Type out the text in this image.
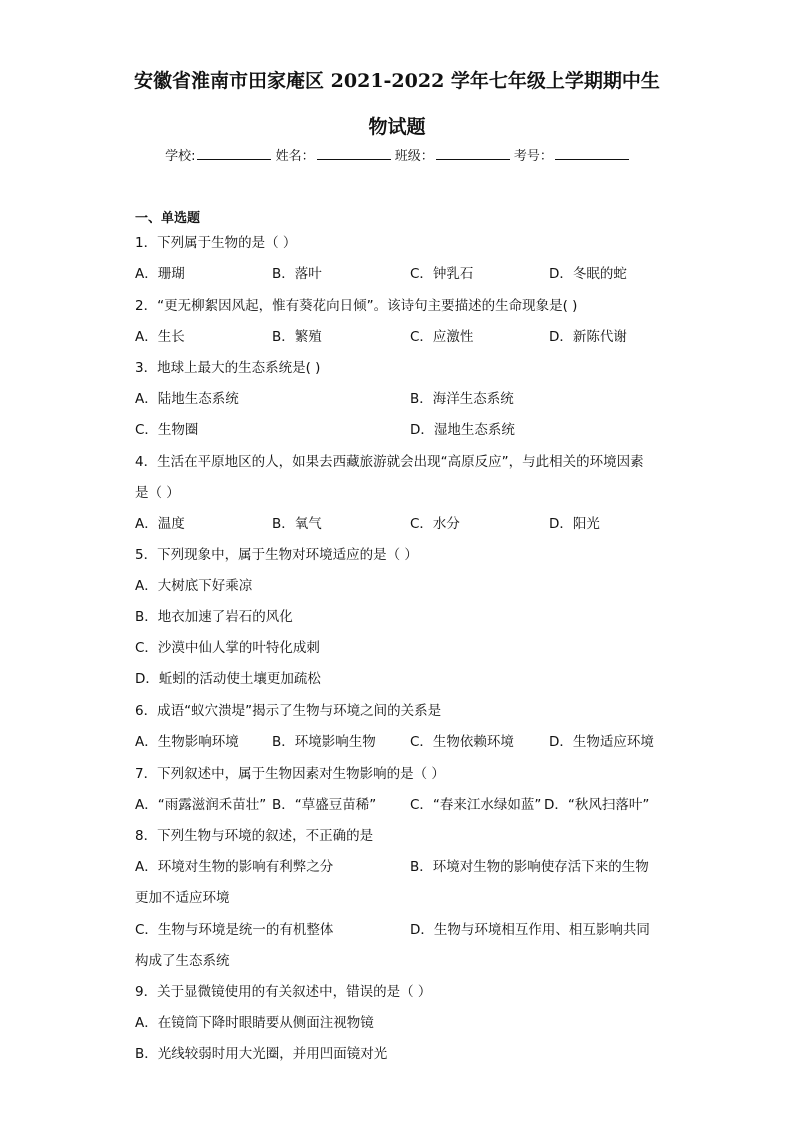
安徽省淮南市田家庵区 2021-2022 学年七年级上学期期中生
物试题
学校:	姓名：	班级：	考号：
一、单选题
1．下列属于生物的是（ ）
A．珊瑚	B．落叶	C．钟乳石	D．冬眠的蛇
2．“更无柳絮因风起，惟有葵花向日倾”。该诗句主要描述的生命现象是( )
A．生长	B．繁殖	C．应激性	D．新陈代谢
3．地球上最大的生态系统是( )
A．陆地生态系统	B．海洋生态系统
C．生物圈	D．湿地生态系统
4．生活在平原地区的人，如果去西藏旅游就会出现“高原反应”，与此相关的环境因素
是（ ）
A．温度	B．氧气	C．水分	D．阳光
5．下列现象中，属于生物对环境适应的是（ ）
A．大树底下好乘凉
B．地衣加速了岩石的风化
C．沙漠中仙人掌的叶特化成刺
D．蚯蚓的活动使土壤更加疏松
6．成语“蚁穴溃堤”揭示了生物与环境之间的关系是
A．生物影响环境 B．环境影响生物	C．生物依赖环境	D．生物适应环境
7．下列叙述中，属于生物因素对生物影响的是（ ）
A．“雨露滋润禾苗壮” B．“草盛豆苗稀”	C．“春来江水绿如蓝” D．“秋风扫落叶”
8．下列生物与环境的叙述，不正确的是
A．环境对生物的影响有利弊之分	B．环境对生物的影响使存活下来的生物
更加不适应环境
C．生物与环境是统一的有机整体	D．生物与环境相互作用、相互影响共同
构成了生态系统
9．关于显微镜使用的有关叙述中，错误的是（ ）
A．在镜筒下降时眼睛要从侧面注视物镜
B．光线较弱时用大光圈，并用凹面镜对光
